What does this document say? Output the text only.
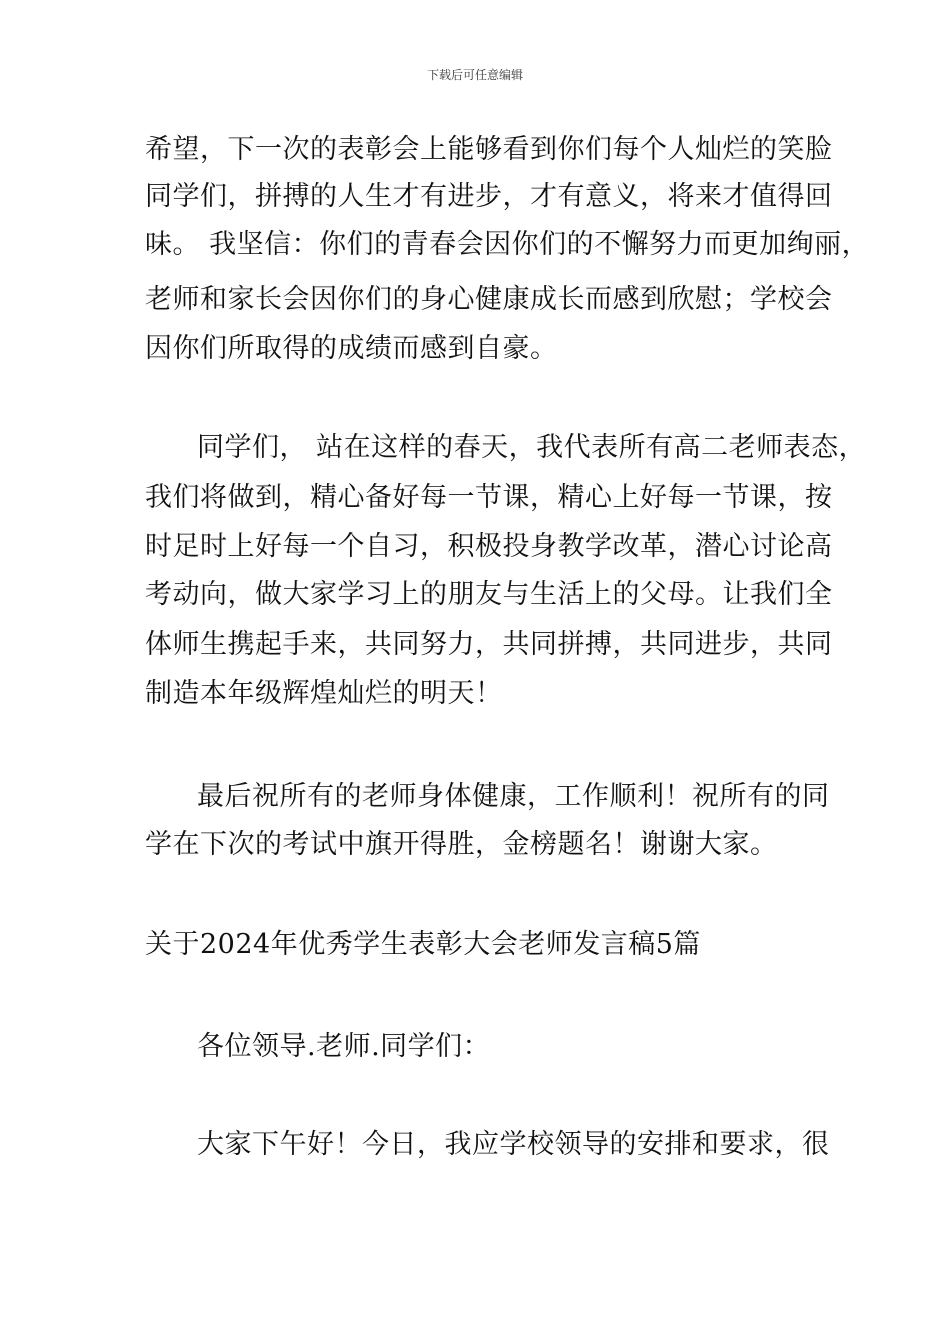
下载后可任意编辑
希望，下一次的表彰会上能够看到你们每个人灿烂的笑脸
同学们，拼搏的人生才有进步，才有意义，将来才值得回
味。 我坚信：你们的青春会因你们的不懈努力而更加绚丽，
老师和家长会因你们的身心健康成长而感到欣慰；学校会
因你们所取得的成绩而感到自豪。
同学们， 站在这样的春天，我代表所有高二老师表态，
我们将做到，精心备好每一节课，精心上好每一节课，按
时足时上好每一个自习，积极投身教学改革，潜心讨论高
考动向，做大家学习上的朋友与生活上的父母。让我们全
体师生携起手来，共同努力，共同拼搏，共同进步，共同
制造本年级辉煌灿烂的明天！
最后祝所有的老师身体健康，工作顺利！祝所有的同
学在下次的考试中旗开得胜，金榜题名！谢谢大家。
关于2024年优秀学生表彰大会老师发言稿5篇
各位领导.老师.同学们：
大家下午好！今日，我应学校领导的安排和要求，很
